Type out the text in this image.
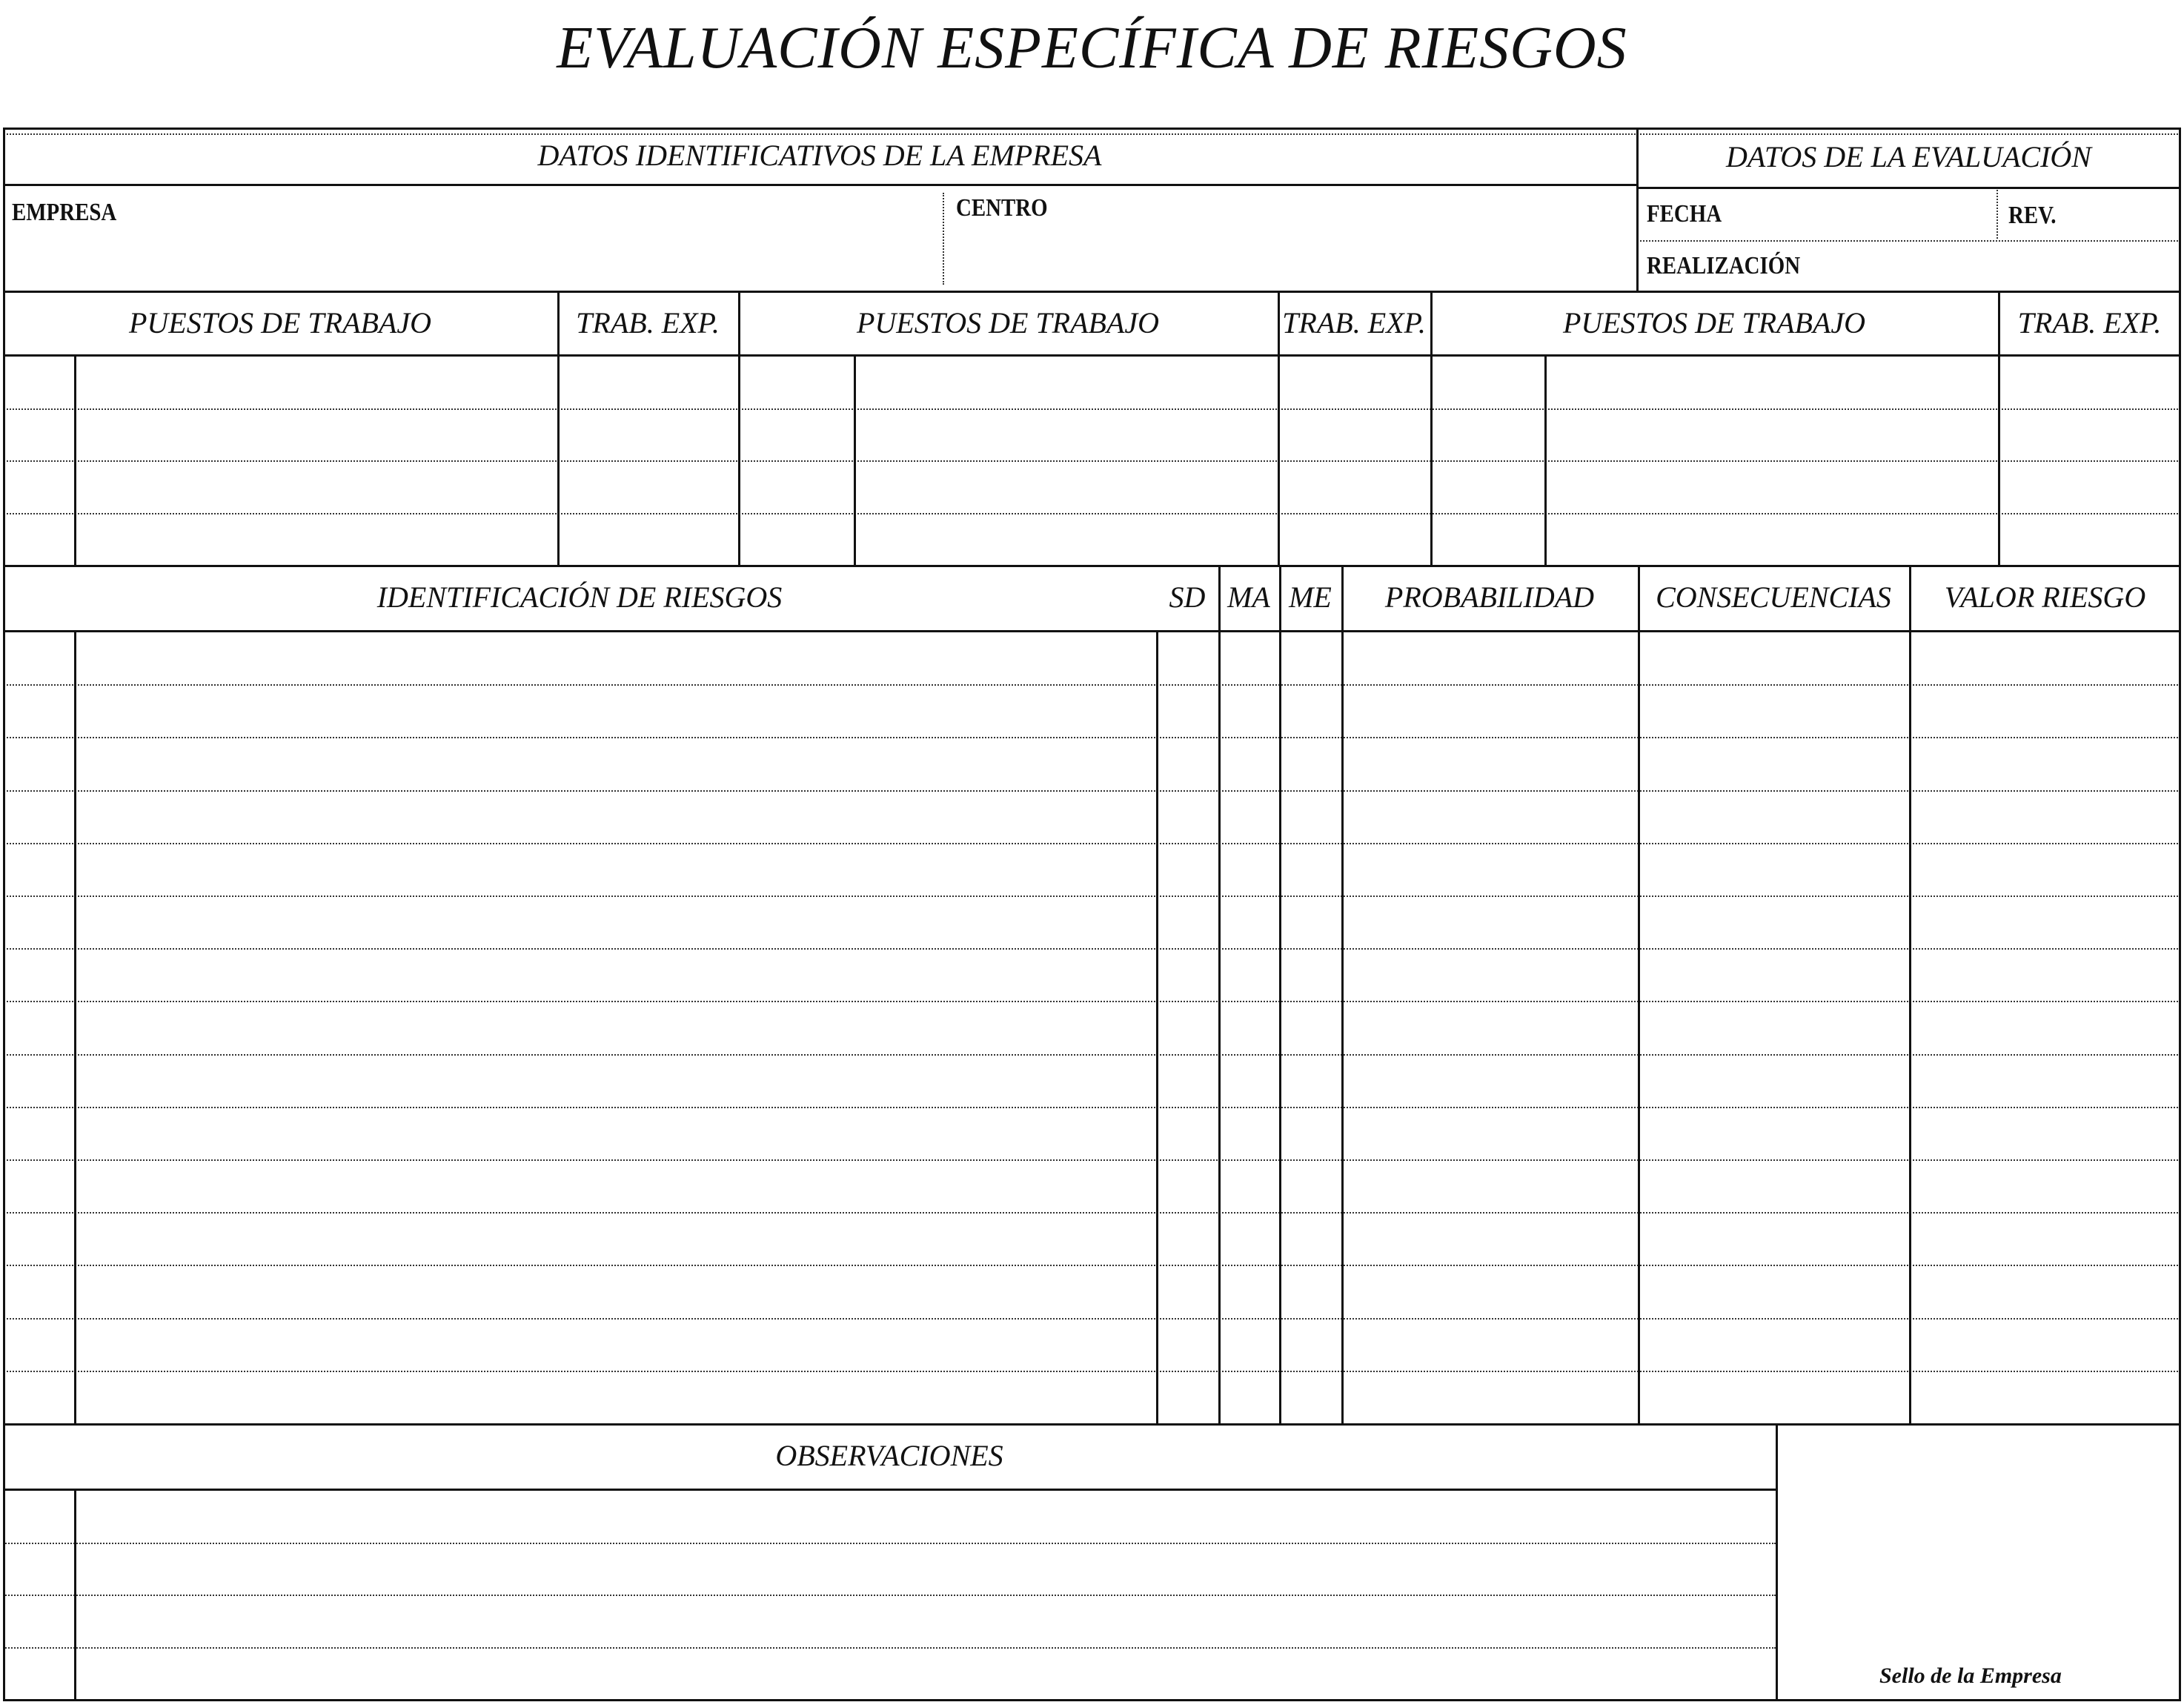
EVALUACIÓN ESPECÍFICA DE RIESGOS
DATOS IDENTIFICATIVOS DE LA EMPRESA	DATOS DE LA EVALUACIÓN
EMPRESA	CENTRO	FECHA	REV.
REALIZACIÓN
PUESTOS DE TRABAJO	TRAB. EXP.	PUESTOS DE TRABAJO	TRAB. EXP.	PUESTOS DE TRABAJO	TRAB. EXP.
IDENTIFICACIÓN DE RIESGOS	SD MA ME	PROBABILIDAD	CONSECUENCIAS	VALOR RIESGO
OBSERVACIONES
Sello de la Empresa
